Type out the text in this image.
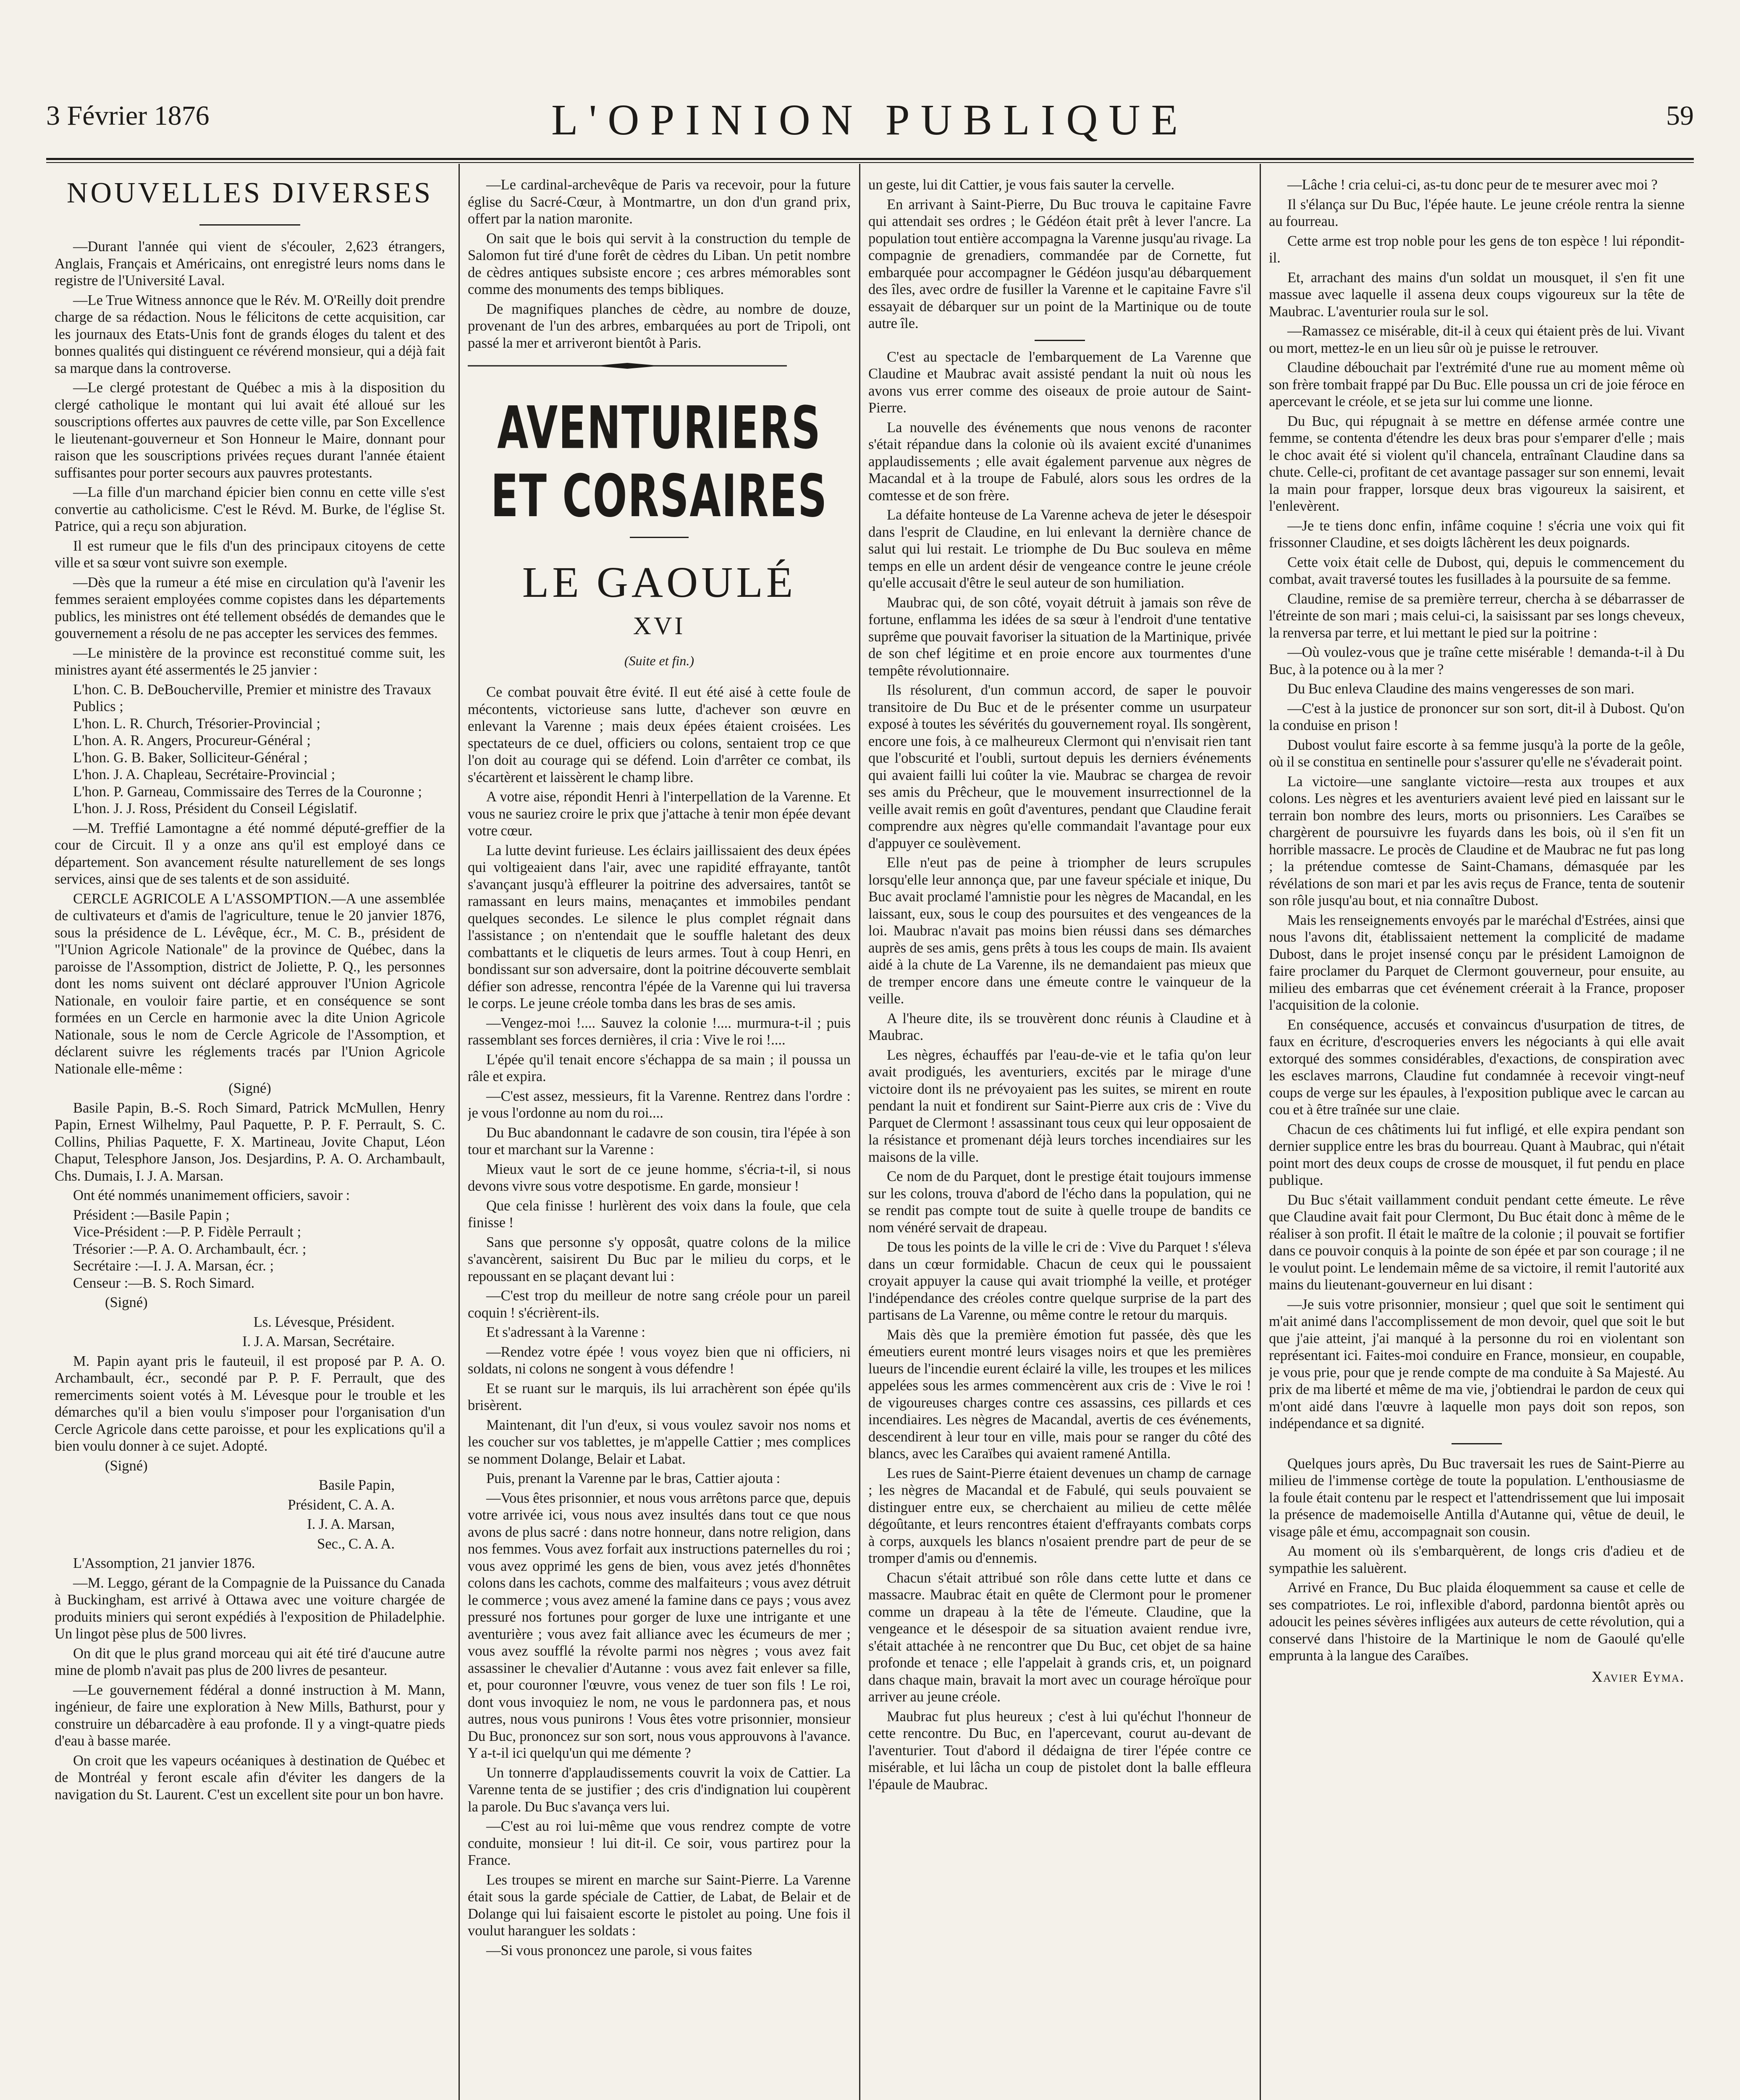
3 Février 1876	L'OPINION PUBLIQUE	59
NOUVELLES DIVERSES

—Durant l'année qui vient de s'écouler, 2,623 étrangers, Anglais, Français et Américains, ont enregistré leurs noms dans le registre de l'Université Laval.

—Le True Witness annonce que le Rév. M. O'Reilly doit prendre charge de sa rédaction. Nous le félicitons de cette acquisition, car les journaux des Etats-Unis font de grands éloges du talent et des bonnes qualités qui distinguent ce révérend monsieur, qui a déjà fait sa marque dans la controverse.

—Le clergé protestant de Québec a mis à la disposition du clergé catholique le montant qui lui avait été alloué sur les souscriptions offertes aux pauvres de cette ville, par Son Excellence le lieutenant-gouverneur et Son Honneur le Maire, donnant pour raison que les souscriptions privées reçues durant l'année étaient suffisantes pour porter secours aux pauvres protestants.

—La fille d'un marchand épicier bien connu en cette ville s'est convertie au catholicisme. C'est le Révd. M. Burke, de l'église St. Patrice, qui a reçu son abjuration.

Il est rumeur que le fils d'un des principaux citoyens de cette ville et sa sœur vont suivre son exemple.

—Dès que la rumeur a été mise en circulation qu'à l'avenir les femmes seraient employées comme copistes dans les départements publics, les ministres ont été tellement obsédés de demandes que le gouvernement a résolu de ne pas accepter les services des femmes.

—Le ministère de la province est reconstitué comme suit, les ministres ayant été assermentés le 25 janvier :

L'hon. C. B. DeBoucherville, Premier et ministre des Travaux Publics ;
L'hon. L. R. Church, Trésorier-Provincial ;
L'hon. A. R. Angers, Procureur-Général ;
L'hon. G. B. Baker, Solliciteur-Général ;
L'hon. J. A. Chapleau, Secrétaire-Provincial ;
L'hon. P. Garneau, Commissaire des Terres de la Couronne ;
L'hon. J. J. Ross, Président du Conseil Législatif.

—M. Treffié Lamontagne a été nommé député-greffier de la cour de Circuit. Il y a onze ans qu'il est employé dans ce département. Son avancement résulte naturellement de ses longs services, ainsi que de ses talents et de son assiduité.

CERCLE AGRICOLE A L'ASSOMPTION.—A une assemblée de cultivateurs et d'amis de l'agriculture, tenue le 20 janvier 1876, sous la présidence de L. Lévêque, écr., M. C. B., président de "l'Union Agricole Nationale" de la province de Québec, dans la paroisse de l'Assomption, district de Joliette, P. Q., les personnes dont les noms suivent ont déclaré approuver l'Union Agricole Nationale, en vouloir faire partie, et en conséquence se sont formées en un Cercle en harmonie avec la dite Union Agricole Nationale, sous le nom de Cercle Agricole de l'Assomption, et déclarent suivre les réglements tracés par l'Union Agricole Nationale elle-même :

(Signé)

Basile Papin, B.-S. Roch Simard, Patrick McMullen, Henry Papin, Ernest Wilhelmy, Paul Paquette, P. P. F. Perrault, S. C. Collins, Philias Paquette, F. X. Martineau, Jovite Chaput, Léon Chaput, Telesphore Janson, Jos. Desjardins, P. A. O. Archambault, Chs. Dumais, I. J. A. Marsan.

Ont été nommés unanimement officiers, savoir :

Président :—Basile Papin ;
Vice-Président :—P. P. Fidèle Perrault ;
Trésorier :—P. A. O. Archambault, écr. ;
Secrétaire :—I. J. A. Marsan, écr. ;
Censeur :—B. S. Roch Simard.

(Signé)

Ls. Lévesque, Président.

I. J. A. Marsan, Secrétaire.

M. Papin ayant pris le fauteuil, il est proposé par P. A. O. Archambault, écr., secondé par P. P. F. Perrault, que des remerciments soient votés à M. Lévesque pour le trouble et les démarches qu'il a bien voulu s'imposer pour l'organisation d'un Cercle Agricole dans cette paroisse, et pour les explications qu'il a bien voulu donner à ce sujet. Adopté.

(Signé)

Basile Papin,

Président, C. A. A.

I. J. A. Marsan,

Sec., C. A. A.

L'Assomption, 21 janvier 1876.

—M. Leggo, gérant de la Compagnie de la Puissance du Canada à Buckingham, est arrivé à Ottawa avec une voiture chargée de produits miniers qui seront expédiés à l'exposition de Philadelphie. Un lingot pèse plus de 500 livres.

On dit que le plus grand morceau qui ait été tiré d'aucune autre mine de plomb n'avait pas plus de 200 livres de pesanteur.

—Le gouvernement fédéral a donné instruction à M. Mann, ingénieur, de faire une exploration à New Mills, Bathurst, pour y construire un débarcadère à eau profonde. Il y a vingt-quatre pieds d'eau à basse marée.

On croit que les vapeurs océaniques à destination de Québec et de Montréal y feront escale afin d'éviter les dangers de la navigation du St. Laurent. C'est un excellent site pour un bon havre.

—Le cardinal-archevêque de Paris va recevoir, pour la future église du Sacré-Cœur, à Montmartre, un don d'un grand prix, offert par la nation maronite.

On sait que le bois qui servit à la construction du temple de Salomon fut tiré d'une forêt de cèdres du Liban. Un petit nombre de cèdres antiques subsiste encore ; ces arbres mémorables sont comme des monuments des temps bibliques.

De magnifiques planches de cèdre, au nombre de douze, provenant de l'un des arbres, embarquées au port de Tripoli, ont passé la mer et arriveront bientôt à Paris.

AVENTURIERS ET CORSAIRES
LE GAOULÉ
XVI
(Suite et fin.)

Ce combat pouvait être évité. Il eut été aisé à cette foule de mécontents, victorieuse sans lutte, d'achever son œuvre en enlevant la Varenne ; mais deux épées étaient croisées. Les spectateurs de ce duel, officiers ou colons, sentaient trop ce que l'on doit au courage qui se défend. Loin d'arrêter ce combat, ils s'écartèrent et laissèrent le champ libre.

A votre aise, répondit Henri à l'interpellation de la Varenne. Et vous ne sauriez croire le prix que j'attache à tenir mon épée devant votre cœur.

La lutte devint furieuse. Les éclairs jaillissaient des deux épées qui voltigeaient dans l'air, avec une rapidité effrayante, tantôt s'avançant jusqu'à effleurer la poitrine des adversaires, tantôt se ramassant en leurs mains, menaçantes et immobiles pendant quelques secondes. Le silence le plus complet régnait dans l'assistance ; on n'entendait que le souffle haletant des deux combattants et le cliquetis de leurs armes. Tout à coup Henri, en bondissant sur son adversaire, dont la poitrine découverte semblait défier son adresse, rencontra l'épée de la Varenne qui lui traversa le corps. Le jeune créole tomba dans les bras de ses amis.

—Vengez-moi !.... Sauvez la colonie !.... murmura-t-il ; puis rassemblant ses forces dernières, il cria : Vive le roi !....

L'épée qu'il tenait encore s'échappa de sa main ; il poussa un râle et expira.

—C'est assez, messieurs, fit la Varenne. Rentrez dans l'ordre : je vous l'ordonne au nom du roi....

Du Buc abandonnant le cadavre de son cousin, tira l'épée à son tour et marchant sur la Varenne :

Mieux vaut le sort de ce jeune homme, s'écria-t-il, si nous devons vivre sous votre despotisme. En garde, monsieur !

Que cela finisse ! hurlèrent des voix dans la foule, que cela finisse !

Sans que personne s'y opposât, quatre colons de la milice s'avancèrent, saisirent Du Buc par le milieu du corps, et le repoussant en se plaçant devant lui :

—C'est trop du meilleur de notre sang créole pour un pareil coquin ! s'écrièrent-ils.

Et s'adressant à la Varenne :

—Rendez votre épée ! vous voyez bien que ni officiers, ni soldats, ni colons ne songent à vous défendre !

Et se ruant sur le marquis, ils lui arrachèrent son épée qu'ils brisèrent.

Maintenant, dit l'un d'eux, si vous voulez savoir nos noms et les coucher sur vos tablettes, je m'appelle Cattier ; mes complices se nomment Dolange, Belair et Labat.

Puis, prenant la Varenne par le bras, Cattier ajouta :

—Vous êtes prisonnier, et nous vous arrêtons parce que, depuis votre arrivée ici, vous nous avez insultés dans tout ce que nous avons de plus sacré : dans notre honneur, dans notre religion, dans nos femmes. Vous avez forfait aux instructions paternelles du roi ; vous avez opprimé les gens de bien, vous avez jetés d'honnêtes colons dans les cachots, comme des malfaiteurs ; vous avez détruit le commerce ; vous avez amené la famine dans ce pays ; vous avez pressuré nos fortunes pour gorger de luxe une intrigante et une aventurière ; vous avez fait alliance avec les écumeurs de mer ; vous avez soufflé la révolte parmi nos nègres ; vous avez fait assassiner le chevalier d'Autanne : vous avez fait enlever sa fille, et, pour couronner l'œuvre, vous venez de tuer son fils ! Le roi, dont vous invoquiez le nom, ne vous le pardonnera pas, et nous autres, nous vous punirons ! Vous êtes votre prisonnier, monsieur Du Buc, prononcez sur son sort, nous vous approuvons à l'avance. Y a-t-il ici quelqu'un qui me démente ?

Un tonnerre d'applaudissements couvrit la voix de Cattier. La Varenne tenta de se justifier ; des cris d'indignation lui coupèrent la parole. Du Buc s'avança vers lui.

—C'est au roi lui-même que vous rendrez compte de votre conduite, monsieur ! lui dit-il. Ce soir, vous partirez pour la France.

Les troupes se mirent en marche sur Saint-Pierre. La Varenne était sous la garde spéciale de Cattier, de Labat, de Belair et de Dolange qui lui faisaient escorte le pistolet au poing. Une fois il voulut haranguer les soldats :

—Si vous prononcez une parole, si vous faites

un geste, lui dit Cattier, je vous fais sauter la cervelle.

En arrivant à Saint-Pierre, Du Buc trouva le capitaine Favre qui attendait ses ordres ; le Gédéon était prêt à lever l'ancre. La population tout entière accompagna la Varenne jusqu'au rivage. La compagnie de grenadiers, commandée par de Cornette, fut embarquée pour accompagner le Gédéon jusqu'au débarquement des îles, avec ordre de fusiller la Varenne et le capitaine Favre s'il essayait de débarquer sur un point de la Martinique ou de toute autre île.

C'est au spectacle de l'embarquement de La Varenne que Claudine et Maubrac avait assisté pendant la nuit où nous les avons vus errer comme des oiseaux de proie autour de Saint-Pierre.

La nouvelle des événements que nous venons de raconter s'était répandue dans la colonie où ils avaient excité d'unanimes applaudissements ; elle avait également parvenue aux nègres de Macandal et à la troupe de Fabulé, alors sous les ordres de la comtesse et de son frère.

La défaite honteuse de La Varenne acheva de jeter le désespoir dans l'esprit de Claudine, en lui enlevant la dernière chance de salut qui lui restait. Le triomphe de Du Buc souleva en même temps en elle un ardent désir de vengeance contre le jeune créole qu'elle accusait d'être le seul auteur de son humiliation.

Maubrac qui, de son côté, voyait détruit à jamais son rêve de fortune, enflamma les idées de sa sœur à l'endroit d'une tentative suprême que pouvait favoriser la situation de la Martinique, privée de son chef légitime et en proie encore aux tourmentes d'une tempête révolutionnaire.

Ils résolurent, d'un commun accord, de saper le pouvoir transitoire de Du Buc et de le présenter comme un usurpateur exposé à toutes les sévérités du gouvernement royal. Ils songèrent, encore une fois, à ce malheureux Clermont qui n'envisait rien tant que l'obscurité et l'oubli, surtout depuis les derniers événements qui avaient failli lui coûter la vie. Maubrac se chargea de revoir ses amis du Prêcheur, que le mouvement insurrectionnel de la veille avait remis en goût d'aventures, pendant que Claudine ferait comprendre aux nègres qu'elle commandait l'avantage pour eux d'appuyer ce soulèvement.

Elle n'eut pas de peine à triompher de leurs scrupules lorsqu'elle leur annonça que, par une faveur spéciale et inique, Du Buc avait proclamé l'amnistie pour les nègres de Macandal, en les laissant, eux, sous le coup des poursuites et des vengeances de la loi. Maubrac n'avait pas moins bien réussi dans ses démarches auprès de ses amis, gens prêts à tous les coups de main. Ils avaient aidé à la chute de La Varenne, ils ne demandaient pas mieux que de tremper encore dans une émeute contre le vainqueur de la veille.

A l'heure dite, ils se trouvèrent donc réunis à Claudine et à Maubrac.

Les nègres, échauffés par l'eau-de-vie et le tafia qu'on leur avait prodigués, les aventuriers, excités par le mirage d'une victoire dont ils ne prévoyaient pas les suites, se mirent en route pendant la nuit et fondirent sur Saint-Pierre aux cris de : Vive du Parquet de Clermont ! assassinant tous ceux qui leur opposaient de la résistance et promenant déjà leurs torches incendiaires sur les maisons de la ville.

Ce nom de du Parquet, dont le prestige était toujours immense sur les colons, trouva d'abord de l'écho dans la population, qui ne se rendit pas compte tout de suite à quelle troupe de bandits ce nom vénéré servait de drapeau.

De tous les points de la ville le cri de : Vive du Parquet ! s'éleva dans un cœur formidable. Chacun de ceux qui le poussaient croyait appuyer la cause qui avait triomphé la veille, et protéger l'indépendance des créoles contre quelque surprise de la part des partisans de La Varenne, ou même contre le retour du marquis.

Mais dès que la première émotion fut passée, dès que les émeutiers eurent montré leurs visages noirs et que les premières lueurs de l'incendie eurent éclairé la ville, les troupes et les milices appelées sous les armes commencèrent aux cris de : Vive le roi ! de vigoureuses charges contre ces assassins, ces pillards et ces incendiaires. Les nègres de Macandal, avertis de ces événements, descendirent à leur tour en ville, mais pour se ranger du côté des blancs, avec les Caraïbes qui avaient ramené Antilla.

Les rues de Saint-Pierre étaient devenues un champ de carnage ; les nègres de Macandal et de Fabulé, qui seuls pouvaient se distinguer entre eux, se cherchaient au milieu de cette mêlée dégoûtante, et leurs rencontres étaient d'effrayants combats corps à corps, auxquels les blancs n'osaient prendre part de peur de se tromper d'amis ou d'ennemis.

Chacun s'était attribué son rôle dans cette lutte et dans ce massacre. Maubrac était en quête de Clermont pour le promener comme un drapeau à la tête de l'émeute. Claudine, que la vengeance et le désespoir de sa situation avaient rendue ivre, s'était attachée à ne rencontrer que Du Buc, cet objet de sa haine profonde et tenace ; elle l'appelait à grands cris, et, un poignard dans chaque main, bravait la mort avec un courage héroïque pour arriver au jeune créole.

Maubrac fut plus heureux ; c'est à lui qu'échut l'honneur de cette rencontre. Du Buc, en l'apercevant, courut au-devant de l'aventurier. Tout d'abord il dédaigna de tirer l'épée contre ce misérable, et lui lâcha un coup de pistolet dont la balle effleura l'épaule de Maubrac.

—Lâche ! cria celui-ci, as-tu donc peur de te mesurer avec moi ?

Il s'élança sur Du Buc, l'épée haute. Le jeune créole rentra la sienne au fourreau.

Cette arme est trop noble pour les gens de ton espèce ! lui répondit-il.

Et, arrachant des mains d'un soldat un mousquet, il s'en fit une massue avec laquelle il assena deux coups vigoureux sur la tête de Maubrac. L'aventurier roula sur le sol.

—Ramassez ce misérable, dit-il à ceux qui étaient près de lui. Vivant ou mort, mettez-le en un lieu sûr où je puisse le retrouver.

Claudine débouchait par l'extrémité d'une rue au moment même où son frère tombait frappé par Du Buc. Elle poussa un cri de joie féroce en apercevant le créole, et se jeta sur lui comme une lionne.

Du Buc, qui répugnait à se mettre en défense armée contre une femme, se contenta d'étendre les deux bras pour s'emparer d'elle ; mais le choc avait été si violent qu'il chancela, entraînant Claudine dans sa chute. Celle-ci, profitant de cet avantage passager sur son ennemi, levait la main pour frapper, lorsque deux bras vigoureux la saisirent, et l'enlevèrent.

—Je te tiens donc enfin, infâme coquine ! s'écria une voix qui fit frissonner Claudine, et ses doigts lâchèrent les deux poignards.

Cette voix était celle de Dubost, qui, depuis le commencement du combat, avait traversé toutes les fusillades à la poursuite de sa femme.

Claudine, remise de sa première terreur, chercha à se débarrasser de l'étreinte de son mari ; mais celui-ci, la saisissant par ses longs cheveux, la renversa par terre, et lui mettant le pied sur la poitrine :

—Où voulez-vous que je traîne cette misérable ! demanda-t-il à Du Buc, à la potence ou à la mer ?

Du Buc enleva Claudine des mains vengeresses de son mari.

—C'est à la justice de prononcer sur son sort, dit-il à Dubost. Qu'on la conduise en prison !

Dubost voulut faire escorte à sa femme jusqu'à la porte de la geôle, où il se constitua en sentinelle pour s'assurer qu'elle ne s'évaderait point.

La victoire—une sanglante victoire—resta aux troupes et aux colons. Les nègres et les aventuriers avaient levé pied en laissant sur le terrain bon nombre des leurs, morts ou prisonniers. Les Caraïbes se chargèrent de poursuivre les fuyards dans les bois, où il s'en fit un horrible massacre. Le procès de Claudine et de Maubrac ne fut pas long ; la prétendue comtesse de Saint-Chamans, démasquée par les révélations de son mari et par les avis reçus de France, tenta de soutenir son rôle jusqu'au bout, et nia connaître Dubost.

Mais les renseignements envoyés par le maréchal d'Estrées, ainsi que nous l'avons dit, établissaient nettement la complicité de madame Dubost, dans le projet insensé conçu par le président Lamoignon de faire proclamer du Parquet de Clermont gouverneur, pour ensuite, au milieu des embarras que cet événement créerait à la France, proposer l'acquisition de la colonie.

En conséquence, accusés et convaincus d'usurpation de titres, de faux en écriture, d'escroqueries envers les négociants à qui elle avait extorqué des sommes considérables, d'exactions, de conspiration avec les esclaves marrons, Claudine fut condamnée à recevoir vingt-neuf coups de verge sur les épaules, à l'exposition publique avec le carcan au cou et à être traînée sur une claie.

Chacun de ces châtiments lui fut infligé, et elle expira pendant son dernier supplice entre les bras du bourreau. Quant à Maubrac, qui n'était point mort des deux coups de crosse de mousquet, il fut pendu en place publique.

Du Buc s'était vaillamment conduit pendant cette émeute. Le rêve que Claudine avait fait pour Clermont, Du Buc était donc à même de le réaliser à son profit. Il était le maître de la colonie ; il pouvait se fortifier dans ce pouvoir conquis à la pointe de son épée et par son courage ; il ne le voulut point. Le lendemain même de sa victoire, il remit l'autorité aux mains du lieutenant-gouverneur en lui disant :

—Je suis votre prisonnier, monsieur ; quel que soit le sentiment qui m'ait animé dans l'accomplissement de mon devoir, quel que soit le but que j'aie atteint, j'ai manqué à la personne du roi en violentant son représentant ici. Faites-moi conduire en France, monsieur, en coupable, je vous prie, pour que je rende compte de ma conduite à Sa Majesté. Au prix de ma liberté et même de ma vie, j'obtiendrai le pardon de ceux qui m'ont aidé dans l'œuvre à laquelle mon pays doit son repos, son indépendance et sa dignité.

Quelques jours après, Du Buc traversait les rues de Saint-Pierre au milieu de l'immense cortège de toute la population. L'enthousiasme de la foule était contenu par le respect et l'attendrissement que lui imposait la présence de mademoiselle Antilla d'Autanne qui, vêtue de deuil, le visage pâle et ému, accompagnait son cousin.

Au moment où ils s'embarquèrent, de longs cris d'adieu et de sympathie les saluèrent.

Arrivé en France, Du Buc plaida éloquemment sa cause et celle de ses compatriotes. Le roi, inflexible d'abord, pardonna bientôt après ou adoucit les peines sévères infligées aux auteurs de cette révolution, qui a conservé dans l'histoire de la Martinique le nom de Gaoulé qu'elle emprunta à la langue des Caraïbes.

Xavier Eyma.
